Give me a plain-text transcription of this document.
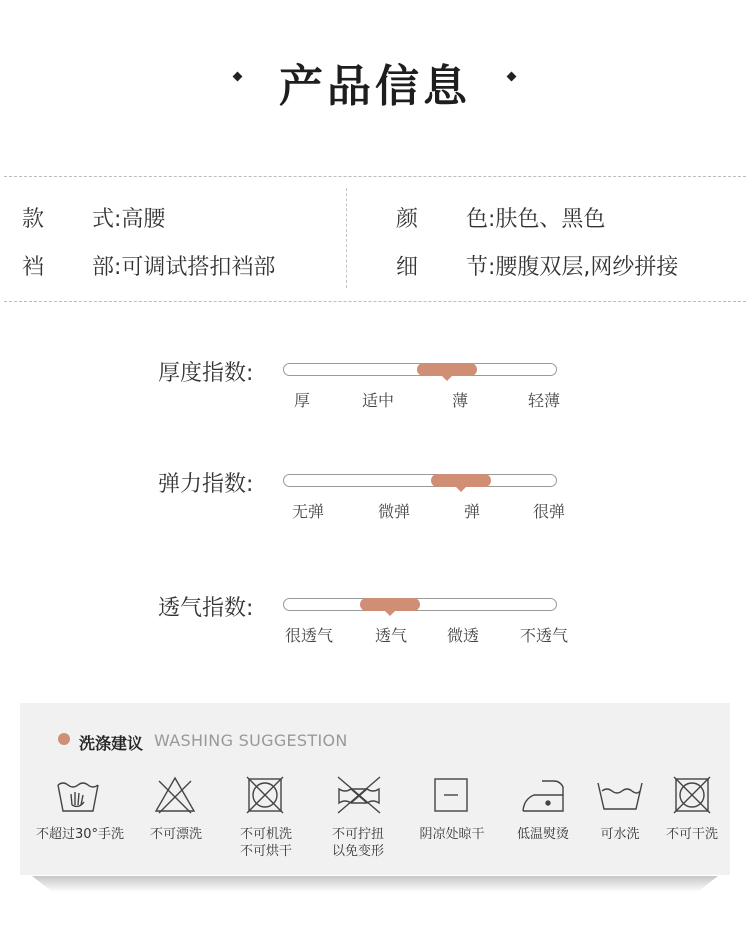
产品信息
款 式:高腰	颜 色:肤色、黑色
裆 部:可调试搭扣裆部	细 节:腰腹双层,网纱拼接
厚度指数:
厚	适中	薄	轻薄
弹力指数:
无弹	微弹	弹	很弹
透气指数:
很透气	透气 微透	不透气
洗涤建议 WASHING SUGGESTION
不超过30°手洗	不可漂洗	不可机洗
不可烘干
不可拧扭
以免变形
阴凉处晾干	低温熨烫	可水洗	不可干洗
